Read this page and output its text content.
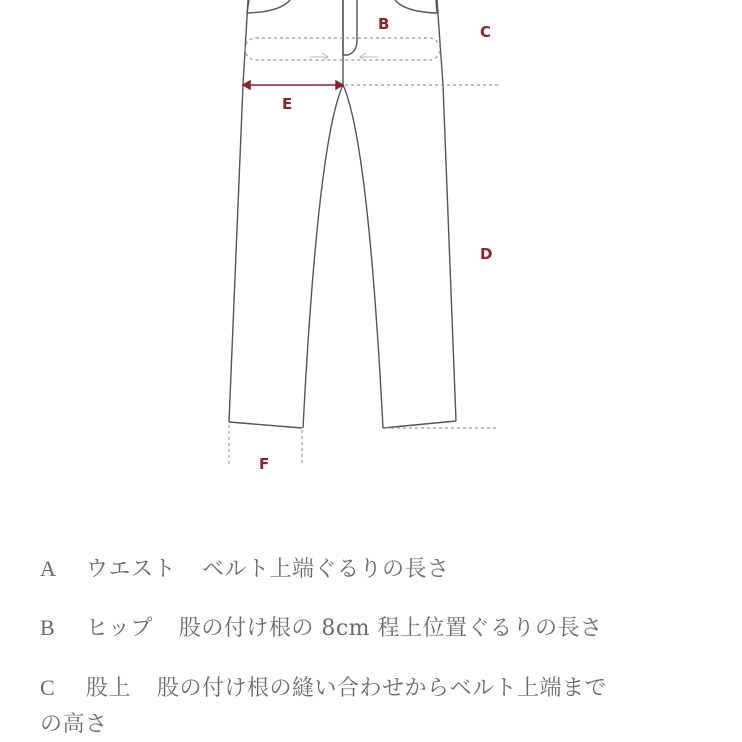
B	C
E
D
F
A ウエスト ベルト上端ぐるりの長さ
B ヒップ 股の付け根の 8cm 程上位置ぐるりの長さ
C 股上 股の付け根の縫い合わせからベルト上端まで
の高さ
